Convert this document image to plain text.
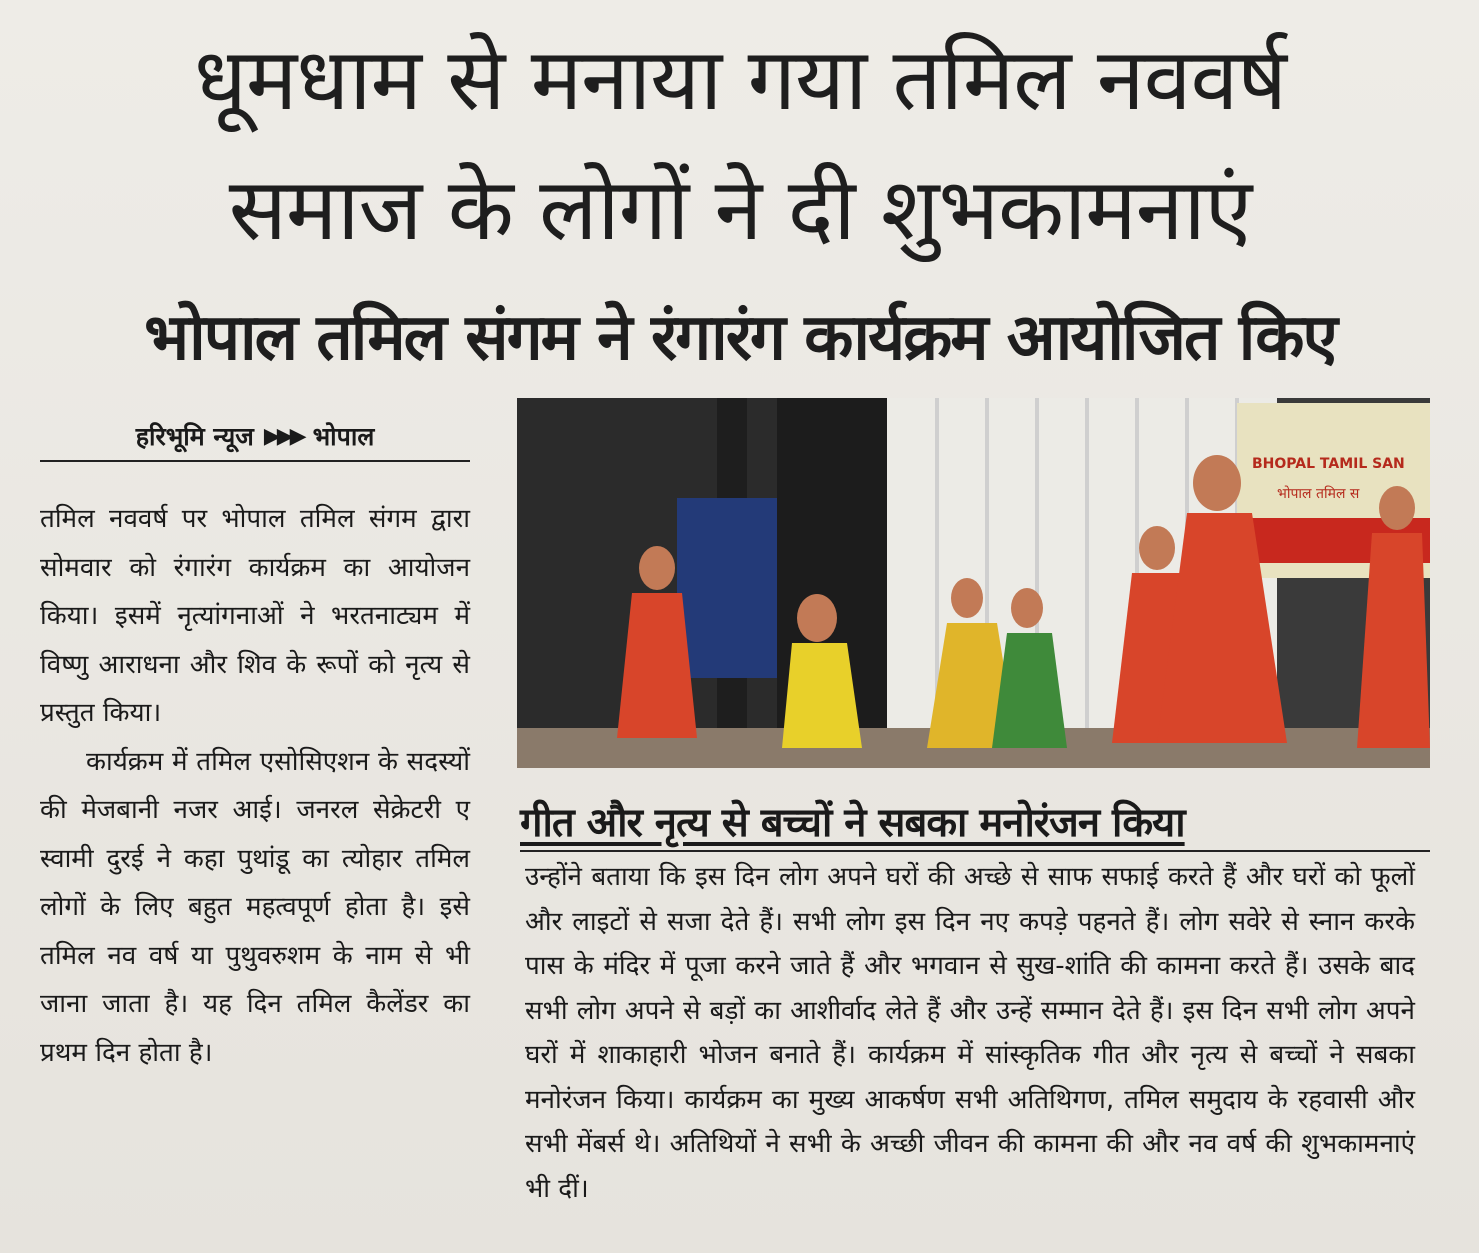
धूमधाम से मनाया गया तमिल नववर्ष
समाज के लोगों ने दी शुभकामनाएं
भोपाल तमिल संगम ने रंगारंग कार्यक्रम आयोजित किए
हरिभूमि न्यूज ▶▶▶ भोपाल

तमिल नववर्ष पर भोपाल तमिल संगम द्वारा सोमवार को रंगारंग कार्यक्रम का आयोजन किया। इसमें नृत्यांगनाओं ने भरतनाट्यम में विष्णु आराधना और शिव के रूपों को नृत्य से प्रस्तुत किया।

कार्यक्रम में तमिल एसोसिएशन के सदस्यों की मेजबानी नजर आई। जनरल सेक्रेटरी ए स्वामी दुरई ने कहा पुथांडू का त्योहार तमिल लोगों के लिए बहुत महत्वपूर्ण होता है। इसे तमिल नव वर्ष या पुथुवरुशम के नाम से भी जाना जाता है। यह दिन तमिल कैलेंडर का प्रथम दिन होता है।

BHOPAL TAMIL SAN
भोपाल तमिल स
गीत और नृत्य से बच्चों ने सबका मनोरंजन किया

उन्होंने बताया कि इस दिन लोग अपने घरों की अच्छे से साफ सफाई करते हैं और घरों को फूलों और लाइटों से सजा देते हैं। सभी लोग इस दिन नए कपड़े पहनते हैं। लोग सवेरे से स्नान करके पास के मंदिर में पूजा करने जाते हैं और भगवान से सुख-शांति की कामना करते हैं। उसके बाद सभी लोग अपने से बड़ों का आशीर्वाद लेते हैं और उन्हें सम्मान देते हैं। इस दिन सभी लोग अपने घरों में शाकाहारी भोजन बनाते हैं। कार्यक्रम में सांस्कृतिक गीत और नृत्य से बच्चों ने सबका मनोरंजन किया। कार्यक्रम का मुख्य आकर्षण सभी अतिथिगण, तमिल समुदाय के रहवासी और सभी मेंबर्स थे। अतिथियों ने सभी के अच्छी जीवन की कामना की और नव वर्ष की शुभकामनाएं भी दीं।
